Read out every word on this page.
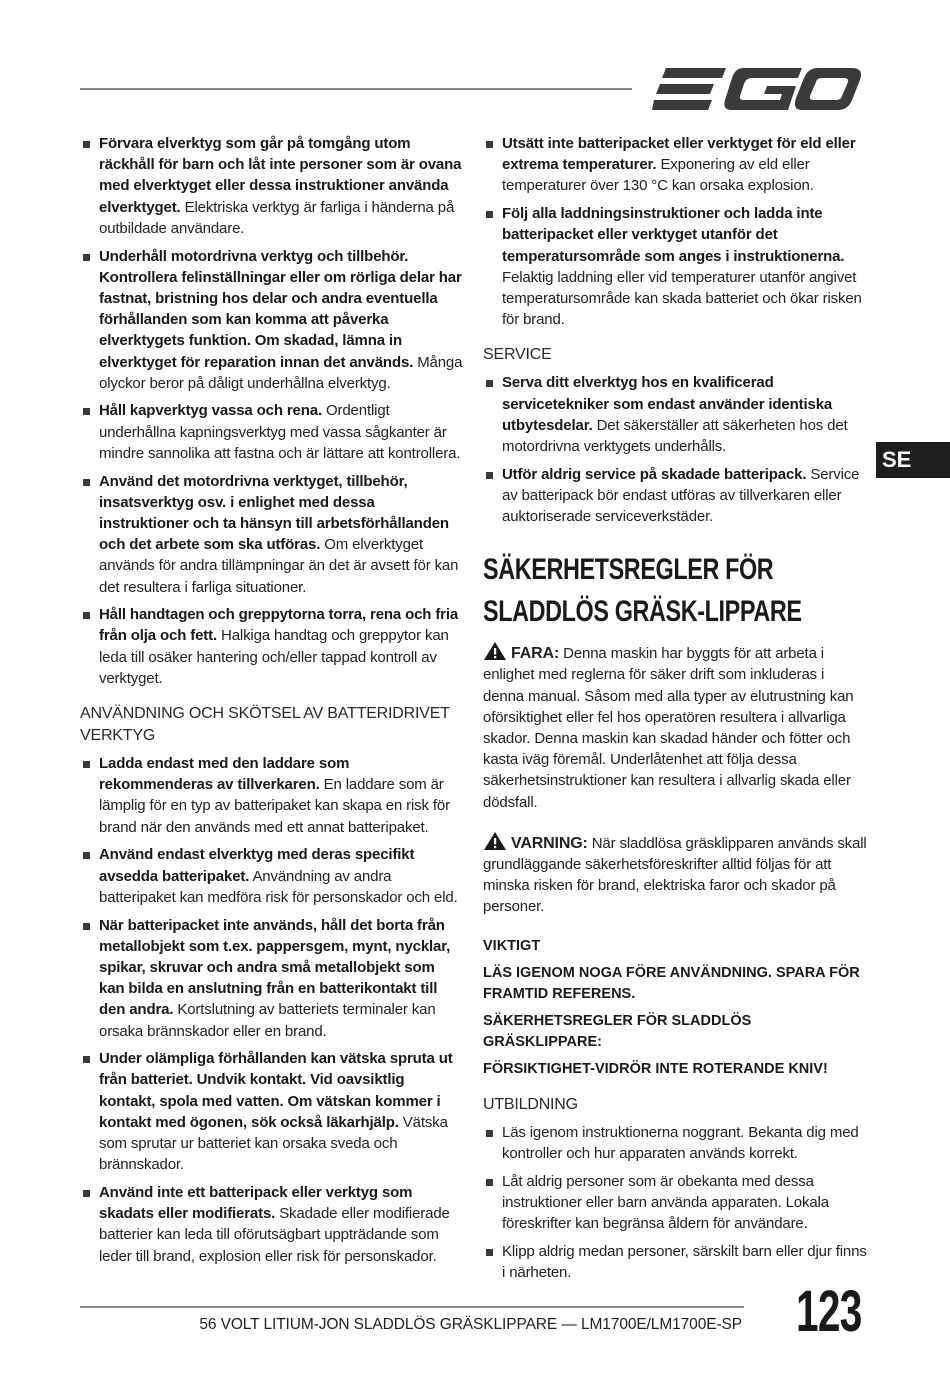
Förvara elverktyg som går på tomgång utom räckhåll för barn och låt inte personer som är ovana med elverktyget eller dessa instruktioner använda elverktyget. Elektriska verktyg är farliga i händerna på outbildade användare.
Underhåll motordrivna verktyg och tillbehör. Kontrollera felinställningar eller om rörliga delar har fastnat, bristning hos delar och andra eventuella förhållanden som kan komma att påverka elverktygets funktion. Om skadad, lämna in elverktyget för reparation innan det används. Många olyckor beror på dåligt underhållna elverktyg.
Håll kapverktyg vassa och rena. Ordentligt underhållna kapningsverktyg med vassa sågkanter är mindre sannolika att fastna och är lättare att kontrollera.
Använd det motordrivna verktyget, tillbehör, insatsverktyg osv. i enlighet med dessa instruktioner och ta hänsyn till arbetsförhållanden och det arbete som ska utföras. Om elverktyget används för andra tillämpningar än det är avsett för kan det resultera i farliga situationer.
Håll handtagen och greppytorna torra, rena och fria från olja och fett. Halkiga handtag och greppytor kan leda till osäker hantering och/eller tappad kontroll av verktyget.
ANVÄNDNING OCH SKÖTSEL AV BATTERIDRIVET VERKTYG
Ladda endast med den laddare som rekommenderas av tillverkaren. En laddare som är lämplig för en typ av batteripaket kan skapa en risk för brand när den används med ett annat batteripaket.
Använd endast elverktyg med deras specifikt avsedda batteripaket. Användning av andra batteripaket kan medföra risk för personskador och eld.
När batteripacket inte används, håll det borta från metallobjekt som t.ex. pappersgem, mynt, nycklar, spikar, skruvar och andra små metallobjekt som kan bilda en anslutning från en batterikontakt till den andra. Kortslutning av batteriets terminaler kan orsaka brännskador eller en brand.
Under olämpliga förhållanden kan vätska spruta ut från batteriet. Undvik kontakt. Vid oavsiktlig kontakt, spola med vatten. Om vätskan kommer i kontakt med ögonen, sök också läkarhjälp. Vätska som sprutar ur batteriet kan orsaka sveda och brännskador.
Använd inte ett batteripack eller verktyg som skadats eller modifierats. Skadade eller modifierade batterier kan leda till oförutsägbart uppträdande som leder till brand, explosion eller risk för personskador.
Utsätt inte batteripacket eller verktyget för eld eller extrema temperaturer. Exponering av eld eller temperaturer över 130 °C kan orsaka explosion.
Följ alla laddningsinstruktioner och ladda inte batteripacket eller verktyget utanför det temperatursområde som anges i instruktionerna. Felaktig laddning eller vid temperaturer utanför angivet temperatursområde kan skada batteriet och ökar risken för brand.
SERVICE
Serva ditt elverktyg hos en kvalificerad servicetekniker som endast använder identiska utbytesdelar. Det säkerställer att säkerheten hos det motordrivna verktygets underhålls.
Utför aldrig service på skadade batteripack. Service av batteripack bör endast utföras av tillverkaren eller auktoriserade serviceverkstäder.
SÄKERHETSREGLER FÖR SLADDLÖS GRÄSK-LIPPARE

FARA: Denna maskin har byggts för att arbeta i enlighet med reglerna för säker drift som inkluderas i denna manual. Såsom med alla typer av elutrustning kan oförsiktighet eller fel hos operatören resultera i allvarliga skador. Denna maskin kan skadad händer och fötter och kasta iväg föremål. Underlåtenhet att följa dessa säkerhetsinstruktioner kan resultera i allvarlig skada eller dödsfall.

VARNING: När sladdlösa gräsklipparen används skall grundläggande säkerhetsföreskrifter alltid följas för att minska risken för brand, elektriska faror och skador på personer.

VIKTIGT

LÄS IGENOM NOGA FÖRE ANVÄNDNING. SPARA FÖR FRAMTID REFERENS.

SÄKERHETSREGLER FÖR SLADDLÖS GRÄSKLIPPARE:

FÖRSIKTIGHET-VIDRÖR INTE ROTERANDE KNIV!

UTBILDNING
Läs igenom instruktionerna noggrant. Bekanta dig med kontroller och hur apparaten används korrekt.
Låt aldrig personer som är obekanta med dessa instruktioner eller barn använda apparaten. Lokala föreskrifter kan begränsa åldern för användare.
Klipp aldrig medan personer, särskilt barn eller djur finns i närheten.
SE
56 VOLT LITIUM-JON SLADDLÖS GRÄSKLIPPARE — LM1700E/LM1700E-SP 123
